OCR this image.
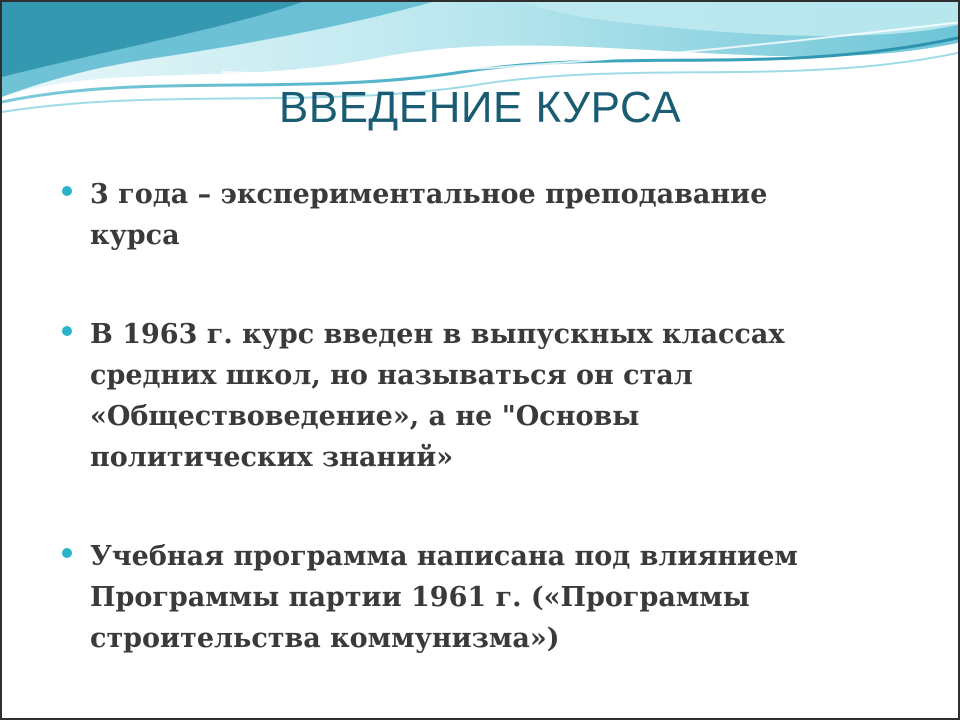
ВВЕДЕНИЕ КУРСА
3 года – экспериментальное преподавание курса
В 1963 г. курс введен в выпускных классах средних школ, но называться он стал «Обществоведение», а не "Основы политических знаний»
Учебная программа написана под влиянием Программы партии 1961 г. («Программы строительства коммунизма»)
